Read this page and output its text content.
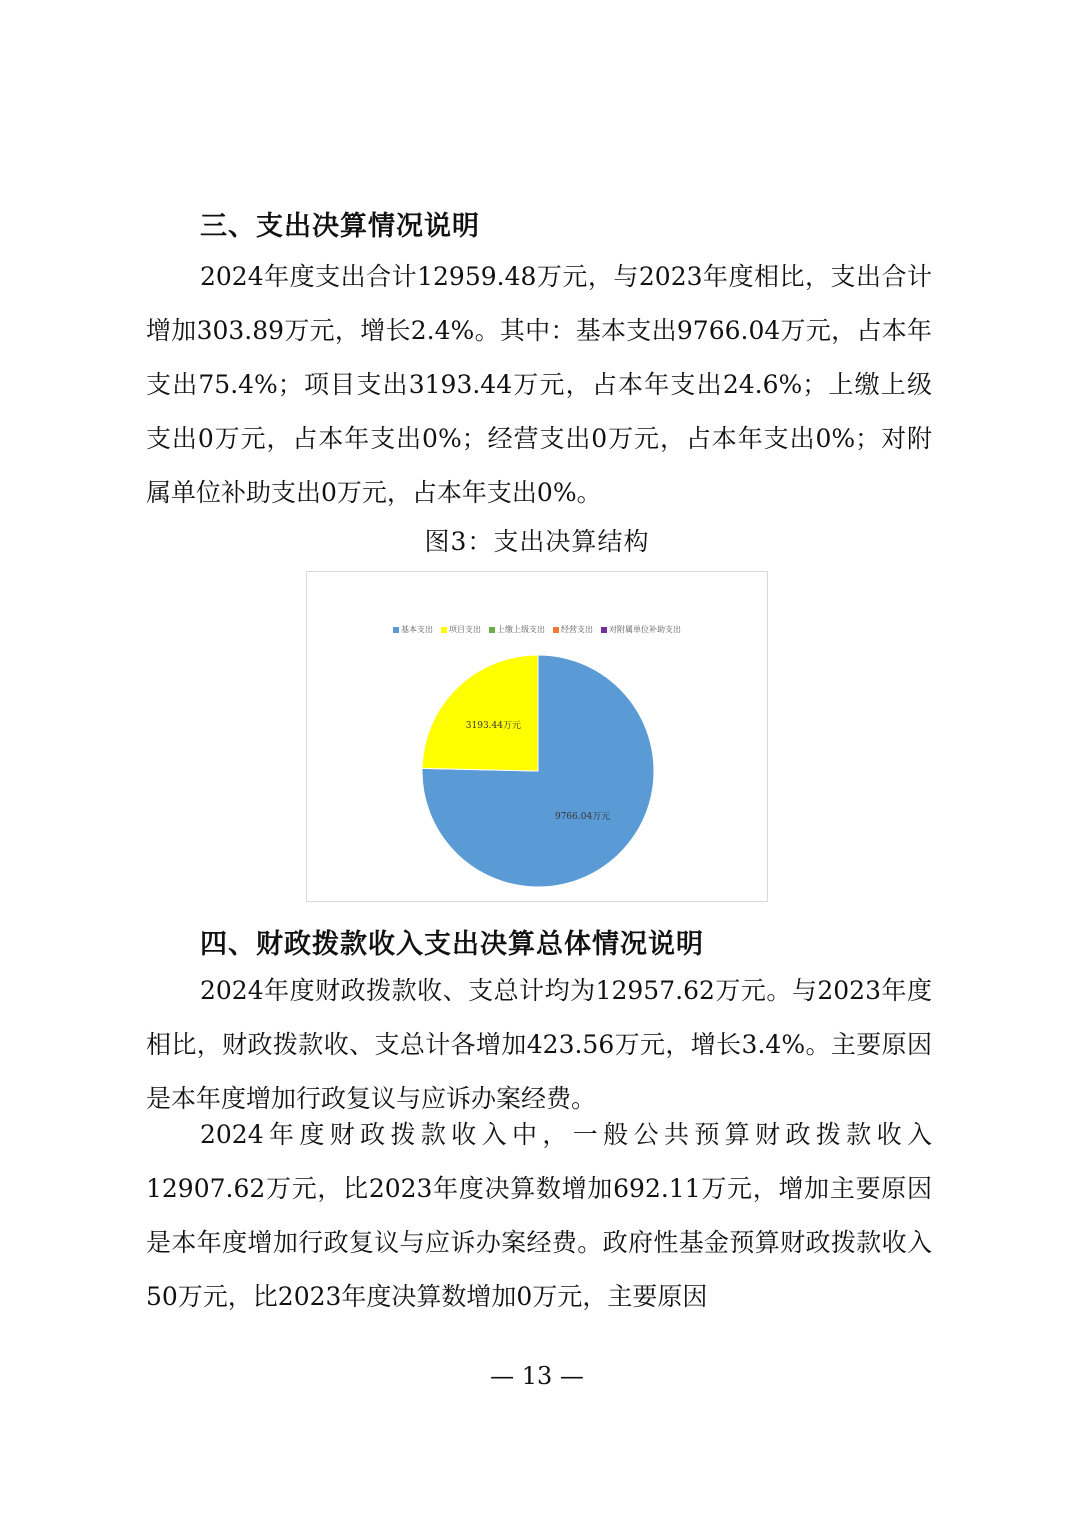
三、支出决算情况说明

2024年度支出合计12959.48万元，与2023年度相比，支出合计增加303.89万元，增长2.4%。其中：基本支出9766.04万元，占本年支出75.4%；项目支出3193.44万元，占本年支出24.6%；上缴上级支出0万元，占本年支出0%；经营支出0万元，占本年支出0%；对附属单位补助支出0万元，占本年支出0%。

图3：支出决算结构
基本支出 项目支出 上缴上级支出 经营支出 对附属单位补助支出
9766.04万元
3193.44万元
四、财政拨款收入支出决算总体情况说明

2024年度财政拨款收、支总计均为12957.62万元。与2023年度相比，财政拨款收、支总计各增加423.56万元，增长3.4%。主要原因是本年度增加行政复议与应诉办案经费。

2024年度财政拨款收入中，一般公共预算财政拨款收入12907.62万元，比2023年度决算数增加692.11万元，增加主要原因是本年度增加行政复议与应诉办案经费。政府性基金预算财政拨款收入50万元，比2023年度决算数增加0万元，主要原因

— 13 —
